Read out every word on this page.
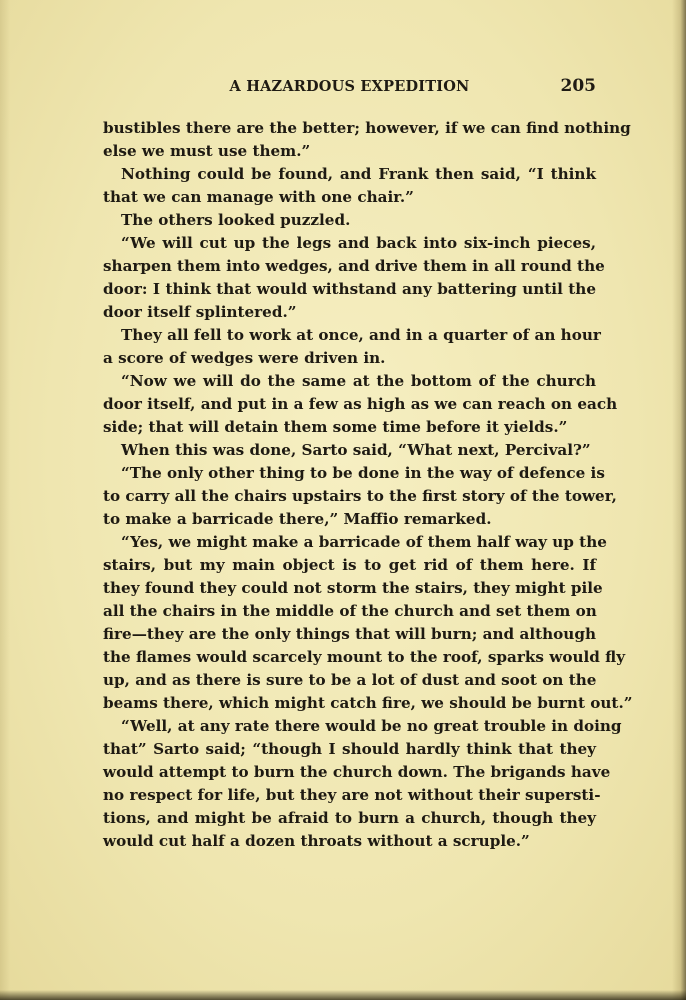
A HAZARDOUS EXPEDITION	205
bustibles there are the better; however, if we can find nothing
else we must use them.”
Nothing could be found, and Frank then said, “I think
that we can manage with one chair.”
The others looked puzzled.
“We will cut up the legs and back into six-inch pieces,
sharpen them into wedges, and drive them in all round the
door: I think that would withstand any battering until the
door itself splintered.”
They all fell to work at once, and in a quarter of an hour
a score of wedges were driven in.
“Now we will do the same at the bottom of the church
door itself, and put in a few as high as we can reach on each
side; that will detain them some time before it yields.”
When this was done, Sarto said, “What next, Percival?”
“The only other thing to be done in the way of defence is
to carry all the chairs upstairs to the first story of the tower,
to make a barricade there,” Maffio remarked.
“Yes, we might make a barricade of them half way up the
stairs, but my main object is to get rid of them here. If
they found they could not storm the stairs, they might pile
all the chairs in the middle of the church and set them on
fire—they are the only things that will burn; and although
the flames would scarcely mount to the roof, sparks would fly
up, and as there is sure to be a lot of dust and soot on the
beams there, which might catch fire, we should be burnt out.”
“Well, at any rate there would be no great trouble in doing
that” Sarto said; “though I should hardly think that they
would attempt to burn the church down. The brigands have
no respect for life, but they are not without their supersti-
tions, and might be afraid to burn a church, though they
would cut half a dozen throats without a scruple.”
